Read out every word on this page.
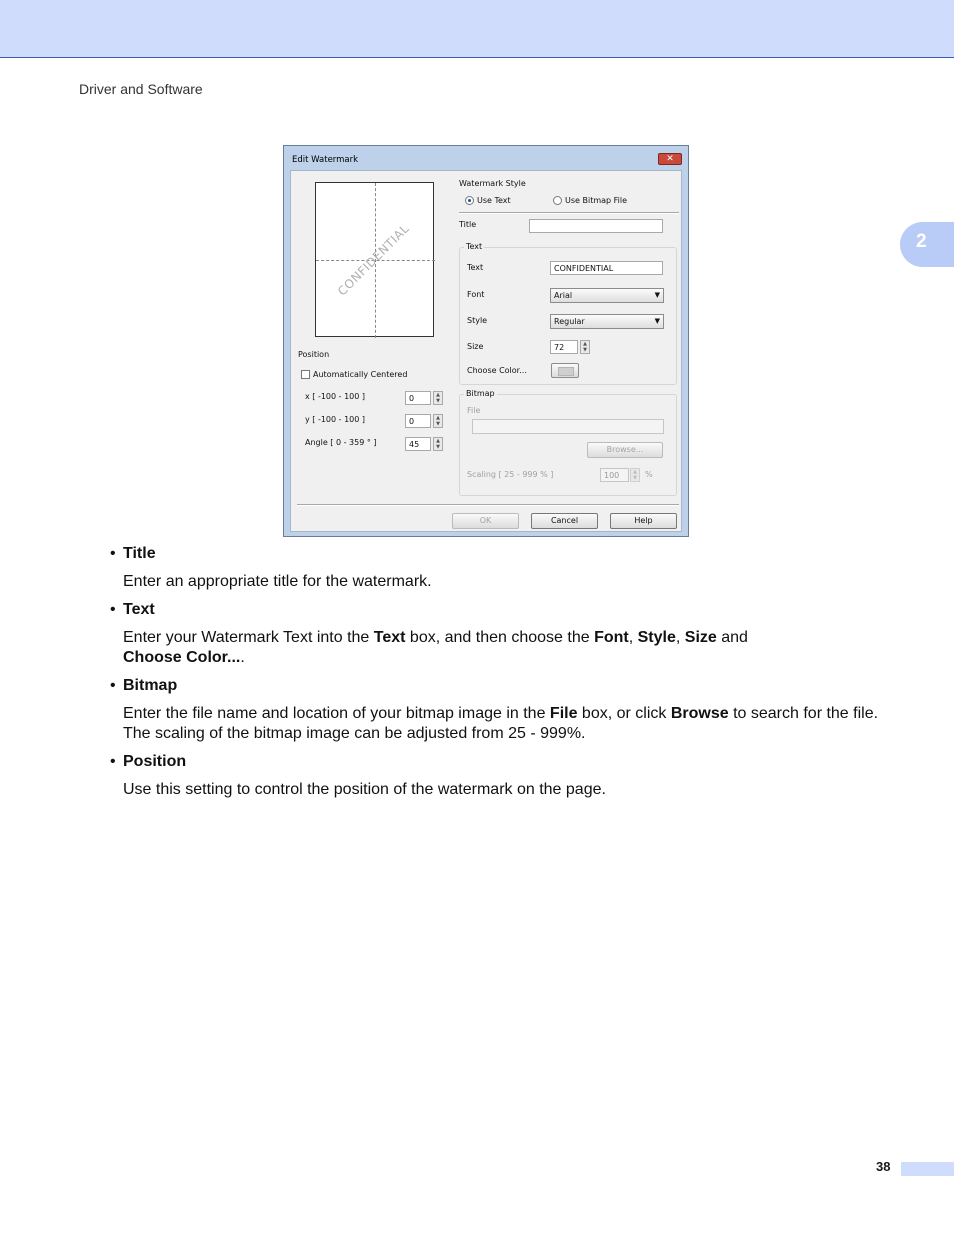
Driver and Software
2
Edit Watermark	✕
CONFIDENTIAL
Position
Automatically Centered
x [ -100 - 100 ]	0	▲
▼
y [ -100 - 100 ]	0	▲
▼
Angle [ 0 - 359 ° ]	45	▲
▼
Watermark Style
Use Text	Use Bitmap File
Title
Text
Text	CONFIDENTIAL
Font	Arial	▼
Style	Regular	▼
Size	72	▲
▼
Choose Color...
Bitmap
File
Browse...
Scaling [ 25 - 999 % ]	100	▲
▼	%
OK	Cancel	Help
• Title
Enter an appropriate title for the watermark.
• Text
Enter your Watermark Text into the Text box, and then choose the Font, Style, Size and
Choose Color....
• Bitmap
Enter the file name and location of your bitmap image in the File box, or click Browse to search for the file. The scaling of the bitmap image can be adjusted from 25 - 999%.
• Position
Use this setting to control the position of the watermark on the page.
38
